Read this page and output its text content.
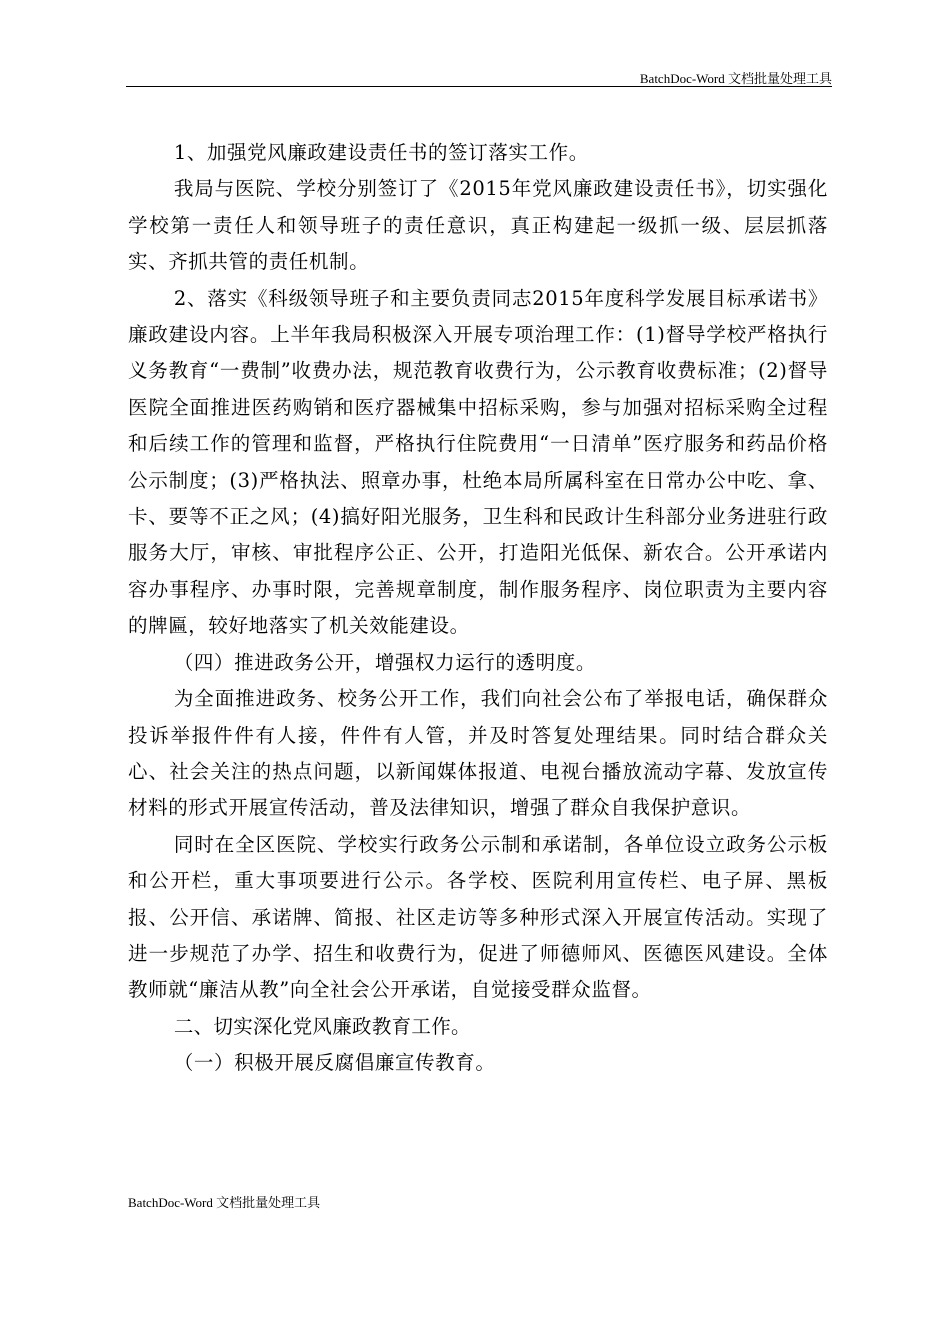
BatchDoc-Word 文档批量处理工具

1、加强党风廉政建设责任书的签订落实工作。

我局与医院、学校分别签订了《2015年党风廉政建设责任书》，切实强化学校第一责任人和领导班子的责任意识，真正构建起一级抓一级、层层抓落实、齐抓共管的责任机制。

2、落实《科级领导班子和主要负责同志2015年度科学发展目标承诺书》廉政建设内容。上半年我局积极深入开展专项治理工作：(1)督导学校严格执行义务教育“一费制”收费办法，规范教育收费行为，公示教育收费标准；(2)督导医院全面推进医药购销和医疗器械集中招标采购，参与加强对招标采购全过程和后续工作的管理和监督，严格执行住院费用“一日清单”医疗服务和药品价格公示制度；(3)严格执法、照章办事，杜绝本局所属科室在日常办公中吃、拿、卡、要等不正之风；(4)搞好阳光服务，卫生科和民政计生科部分业务进驻行政服务大厅，审核、审批程序公正、公开，打造阳光低保、新农合。公开承诺内容办事程序、办事时限，完善规章制度，制作服务程序、岗位职责为主要内容的牌匾，较好地落实了机关效能建设。

（四）推进政务公开，增强权力运行的透明度。

为全面推进政务、校务公开工作，我们向社会公布了举报电话，确保群众投诉举报件件有人接，件件有人管，并及时答复处理结果。同时结合群众关心、社会关注的热点问题，以新闻媒体报道、电视台播放流动字幕、发放宣传材料的形式开展宣传活动，普及法律知识，增强了群众自我保护意识。

同时在全区医院、学校实行政务公示制和承诺制，各单位设立政务公示板和公开栏，重大事项要进行公示。各学校、医院利用宣传栏、电子屏、黑板报、公开信、承诺牌、简报、社区走访等多种形式深入开展宣传活动。实现了进一步规范了办学、招生和收费行为，促进了师德师风、医德医风建设。全体教师就“廉洁从教”向全社会公开承诺，自觉接受群众监督。

二、切实深化党风廉政教育工作。

（一）积极开展反腐倡廉宣传教育。

BatchDoc-Word 文档批量处理工具
